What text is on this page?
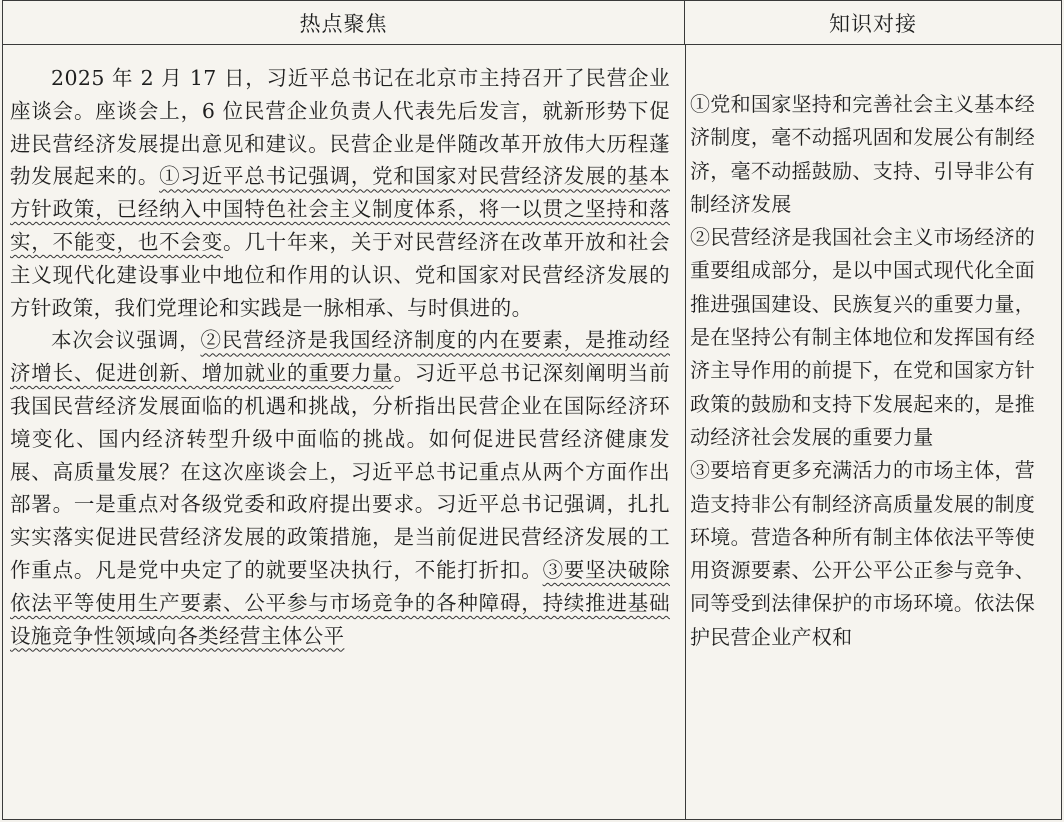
热点聚焦	知识对接

2025 年 2 月 17 日，习近平总书记在北京市主持召开了民营企业座谈会。座谈会上，6 位民营企业负责人代表先后发言，就新形势下促进民营经济发展提出意见和建议。民营企业是伴随改革开放伟大历程蓬勃发展起来的。①习近平总书记强调，党和国家对民营经济发展的基本方针政策，已经纳入中国特色社会主义制度体系，将一以贯之坚持和落实，不能变，也不会变。几十年来，关于对民营经济在改革开放和社会主义现代化建设事业中地位和作用的认识、党和国家对民营经济发展的方针政策，我们党理论和实践是一脉相承、与时俱进的。

本次会议强调，②民营经济是我国经济制度的内在要素，是推动经济增长、促进创新、增加就业的重要力量。习近平总书记深刻阐明当前我国民营经济发展面临的机遇和挑战，分析指出民营企业在国际经济环境变化、国内经济转型升级中面临的挑战。如何促进民营经济健康发展、高质量发展？在这次座谈会上，习近平总书记重点从两个方面作出部署。一是重点对各级党委和政府提出要求。习近平总书记强调，扎扎实实落实促进民营经济发展的政策措施，是当前促进民营经济发展的工作重点。凡是党中央定了的就要坚决执行，不能打折扣。③要坚决破除依法平等使用生产要素、公平参与市场竞争的各种障碍，持续推进基础设施竞争性领域向各类经营主体公平

①党和国家坚持和完善社会主义基本经济制度，毫不动摇巩固和发展公有制经济，毫不动摇鼓励、支持、引导非公有制经济发展

②民营经济是我国社会主义市场经济的重要组成部分，是以中国式现代化全面推进强国建设、民族复兴的重要力量，是在坚持公有制主体地位和发挥国有经济主导作用的前提下，在党和国家方针政策的鼓励和支持下发展起来的，是推动经济社会发展的重要力量

③要培育更多充满活力的市场主体，营造支持非公有制经济高质量发展的制度环境。营造各种所有制主体依法平等使用资源要素、公开公平公正参与竞争、同等受到法律保护的市场环境。依法保护民营企业产权和
